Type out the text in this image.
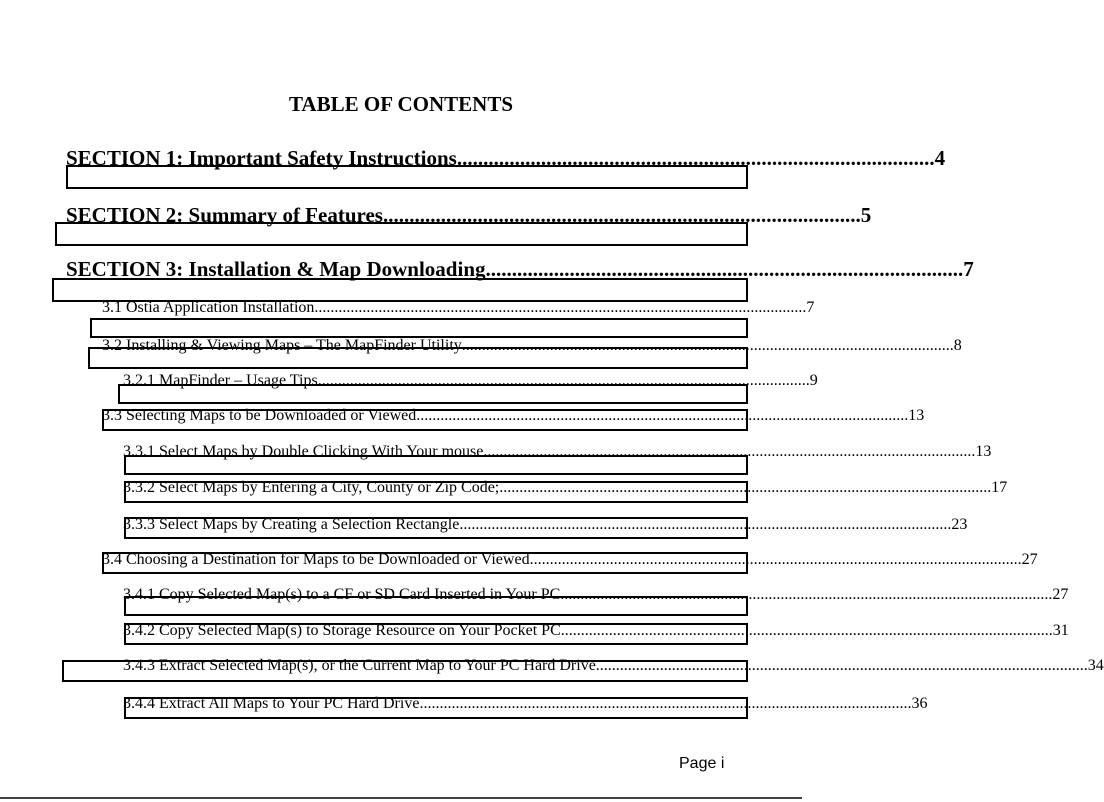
TABLE OF CONTENTS
SECTION 1: Important Safety Instructions ........................................................................................... 4
SECTION 2: Summary of Features ........................................................................................... 5
SECTION 3: Installation & Map Downloading ........................................................................................... 7
3.1 Ostia Application Installation ........................................................................................................................... 7
3.2 Installing & Viewing Maps – The MapFinder Utility ........................................................................................................................... 8
3.2.1 MapFinder – Usage Tips ........................................................................................................................... 9
3.3 Selecting Maps to be Downloaded or Viewed ........................................................................................................................... 13
3.3.1 Select Maps by Double Clicking With Your mouse ........................................................................................................................... 13
3.3.2 Select Maps by Entering a City, County or Zip Code; ........................................................................................................................... 17
3.3.3 Select Maps by Creating a Selection Rectangle ........................................................................................................................... 23
3.4 Choosing a Destination for Maps to be Downloaded or Viewed ........................................................................................................................... 27
3.4.1 Copy Selected Map(s) to a CF or SD Card Inserted in Your PC ........................................................................................................................... 27
3.4.2 Copy Selected Map(s) to Storage Resource on Your Pocket PC ........................................................................................................................... 31
3.4.3 Extract Selected Map(s), or the Current Map to Your PC Hard Drive ........................................................................................................................... 34
3.4.4 Extract All Maps to Your PC Hard Drive ........................................................................................................................... 36
Page i
